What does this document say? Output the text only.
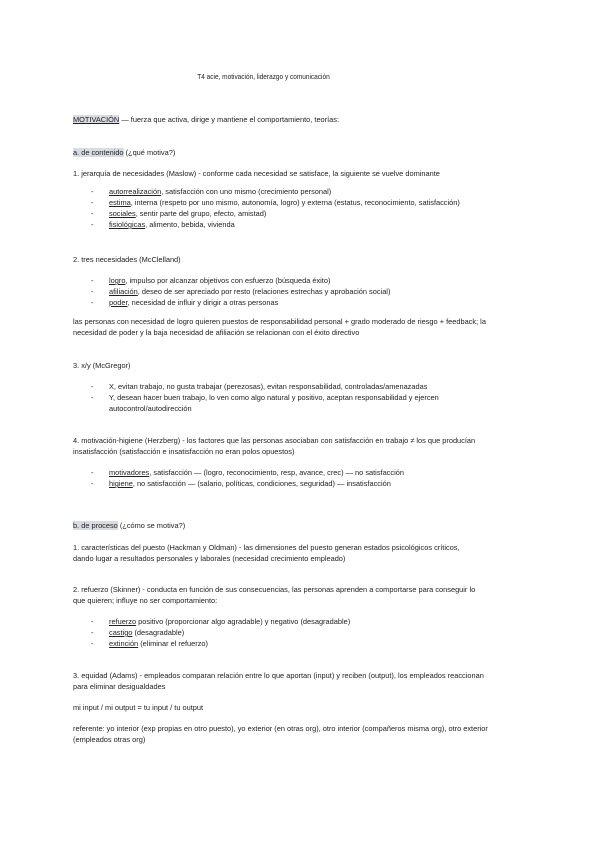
T4 acie, motivación, liderazgo y comunicación
MOTIVACIÓN — fuerza que activa, dirige y mantiene el comportamiento, teorías:
a. de contenido (¿qué motiva?)
1. jerarquía de necesidades (Maslow) - conforme cada necesidad se satisface, la siguiente se vuelve dominante
- autorrealización, satisfacción con uno mismo (crecimiento personal)
- estima, interna (respeto por uno mismo, autonomía, logro) y externa (estatus, reconocimiento, satisfacción)
- sociales, sentir parte del grupo, efecto, amistad)
- fisiológicas, alimento, bebida, vivienda
2. tres necesidades (McClelland)
- logro, impulso por alcanzar objetivos con esfuerzo (búsqueda éxito)
- afiliación, deseo de ser apreciado por resto (relaciones estrechas y aprobación social)
- poder, necesidad de influir y dirigir a otras personas
las personas con necesidad de logro quieren puestos de responsabilidad personal + grado moderado de riesgo + feedback; la
necesidad de poder y la baja necesidad de afiliación se relacionan con el éxito directivo
3. x/y (McGregor)
- X, evitan trabajo, no gusta trabajar (perezosas), evitan responsabilidad, controladas/amenazadas
- Y, desean hacer buen trabajo, lo ven como algo natural y positivo, aceptan responsabilidad y ejercen
autocontrol/autodirección
4. motivación-higiene (Herzberg) - los factores que las personas asociaban con satisfacción en trabajo ≠ los que producían
insatisfacción (satisfacción e insatisfacción no eran polos opuestos)
- motivadores, satisfacción — (logro, reconocimiento, resp, avance, crec) — no satisfacción
- higiene, no satisfacción — (salario, políticas, condiciones, seguridad) — insatisfacción
b. de proceso (¿cómo se motiva?)
1. características del puesto (Hackman y Oldman) - las dimensiones del puesto generan estados psicológicos críticos,
dando lugar a resultados personales y laborales (necesidad crecimiento empleado)
2. refuerzo (Skinner) - conducta en función de sus consecuencias, las personas aprenden a comportarse para conseguir lo
que quieren; influye no ser comportamiento:
- refuerzo positivo (proporcionar algo agradable) y negativo (desagradable)
- castigo (desagradable)
- extinción (eliminar el refuerzo)
3. equidad (Adams) - empleados comparan relación entre lo que aportan (input) y reciben (output), los empleados reaccionan
para eliminar desigualdades
mi input / mi output = tu input / tu output
referente: yo interior (exp propias en otro puesto), yo exterior (en otras org), otro interior (compañeros misma org), otro exterior
(empleados otras org)
